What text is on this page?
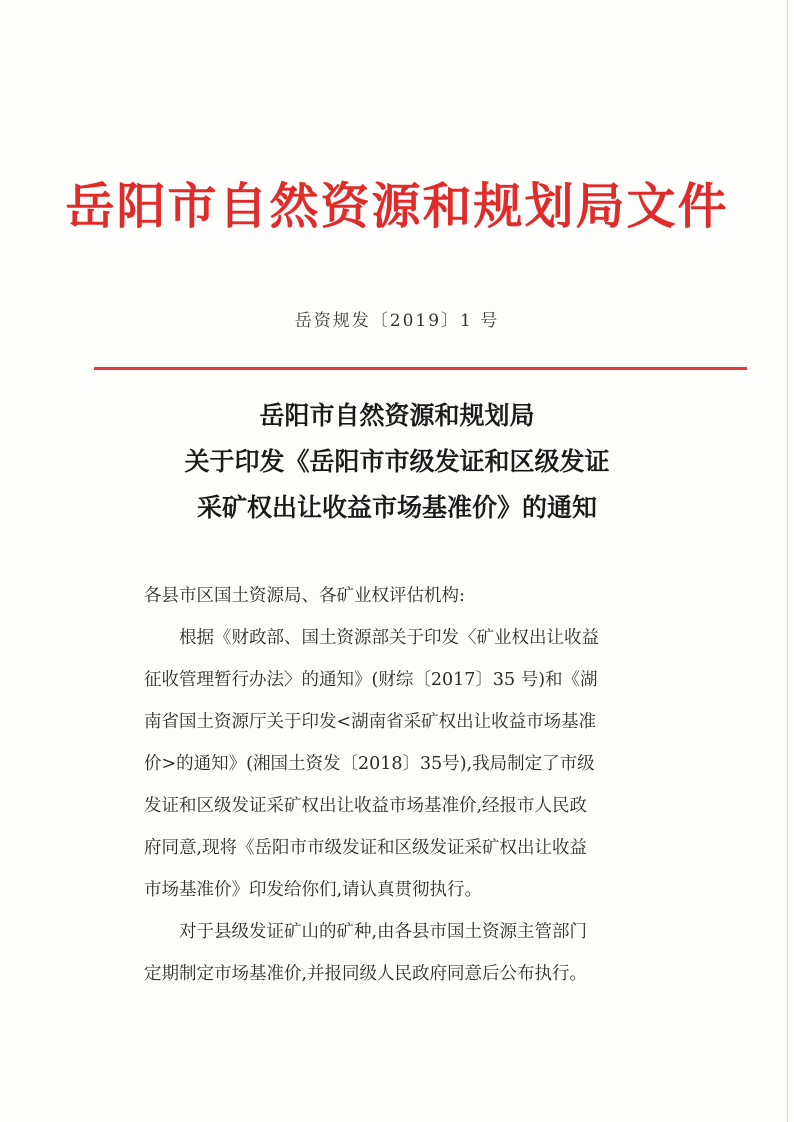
岳阳市自然资源和规划局文件

岳资规发〔2019〕1 号

岳阳市自然资源和规划局
关于印发《岳阳市市级发证和区级发证
采矿权出让收益市场基准价》的通知
各县市区国土资源局、各矿业权评估机构:
根据《财政部、国土资源部关于印发〈矿业权出让收益
征收管理暂行办法〉的通知》(财综〔2017〕35 号)和《湖
南省国土资源厅关于印发<湖南省采矿权出让收益市场基准
价>的通知》(湘国土资发〔2018〕35号),我局制定了市级
发证和区级发证采矿权出让收益市场基准价,经报市人民政
府同意,现将《岳阳市市级发证和区级发证采矿权出让收益
市场基准价》印发给你们,请认真贯彻执行。
对于县级发证矿山的矿种,由各县市国土资源主管部门
定期制定市场基准价,并报同级人民政府同意后公布执行。
